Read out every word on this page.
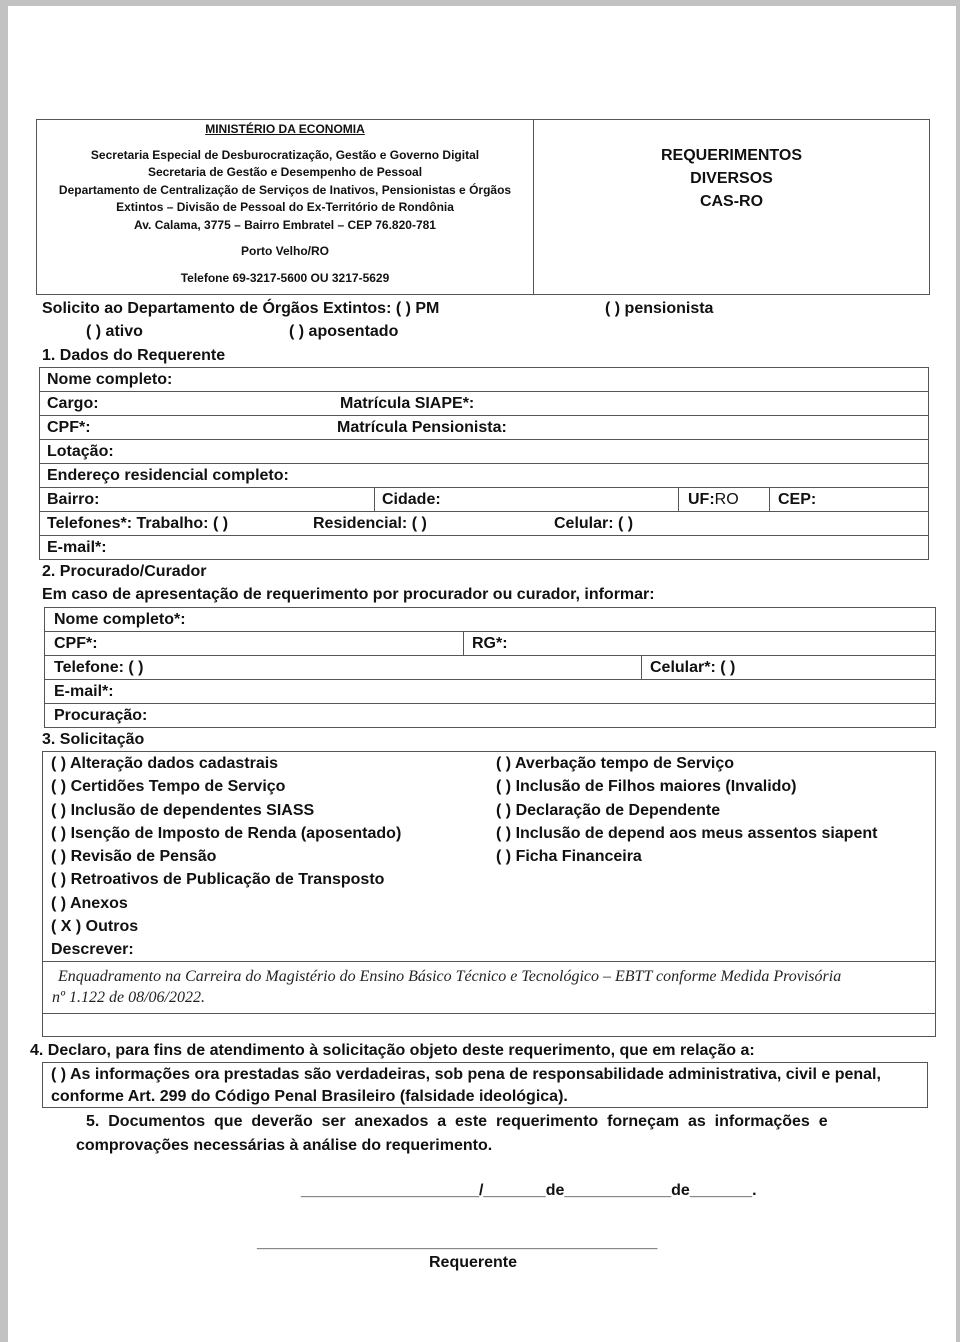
MINISTÉRIO DA ECONOMIA
Secretaria Especial de Desburocratização, Gestão e Governo Digital
Secretaria de Gestão e Desempenho de Pessoal
Departamento de Centralização de Serviços de Inativos, Pensionistas e Órgãos
Extintos – Divisão de Pessoal do Ex-Território de Rondônia
Av. Calama, 3775 – Bairro Embratel – CEP 76.820-781
Porto Velho/RO
Telefone 69-3217-5600 OU 3217-5629
REQUERIMENTOS
DIVERSOS
CAS-RO
Solicito ao Departamento de Órgãos Extintos: ( ) PM	( ) pensionista
( ) ativo	( ) aposentado
1. Dados do Requerente
Nome completo:
Cargo:	Matrícula SIAPE*:
CPF*:	Matrícula Pensionista:
Lotação:
Endereço residencial completo:
Bairro:	Cidade:	UF:RO CEP:
Telefones*: Trabalho: ( )	Residencial: ( )	Celular: ( )
E-mail*:
2. Procurado/Curador
Em caso de apresentação de requerimento por procurador ou curador, informar:
Nome completo*:
CPF*:	RG*:
Telefone: ( )	Celular*: ( )
E-mail*:
Procuração:
3. Solicitação
( ) Alteração dados cadastrais
( ) Certidões Tempo de Serviço
( ) Inclusão de dependentes SIASS
( ) Isenção de Imposto de Renda (aposentado)
( ) Revisão de Pensão
( ) Retroativos de Publicação de Transposto
( ) Anexos
( X ) Outros
Descrever:
( ) Averbação tempo de Serviço
( ) Inclusão de Filhos maiores (Invalido)
( ) Declaração de Dependente
( ) Inclusão de depend aos meus assentos siapent
( ) Ficha Financeira
Enquadramento na Carreira do Magistério do Ensino Básico Técnico e Tecnológico – EBTT conforme Medida Provisória
nº 1.122 de 08/06/2022.
4. Declaro, para fins de atendimento à solicitação objeto deste requerimento, que em relação a:
( ) As informações ora prestadas são verdadeiras, sob pena de responsabilidade administrativa, civil e penal,
conforme Art. 299 do Código Penal Brasileiro (falsidade ideológica).
5.  Documentos  que  deverão  ser  anexados  a  este  requerimento  forneçam  as  informações  e
comprovações necessárias à análise do requerimento.
____________________/_______de____________de_______.
_____________________________________________
Requerente
